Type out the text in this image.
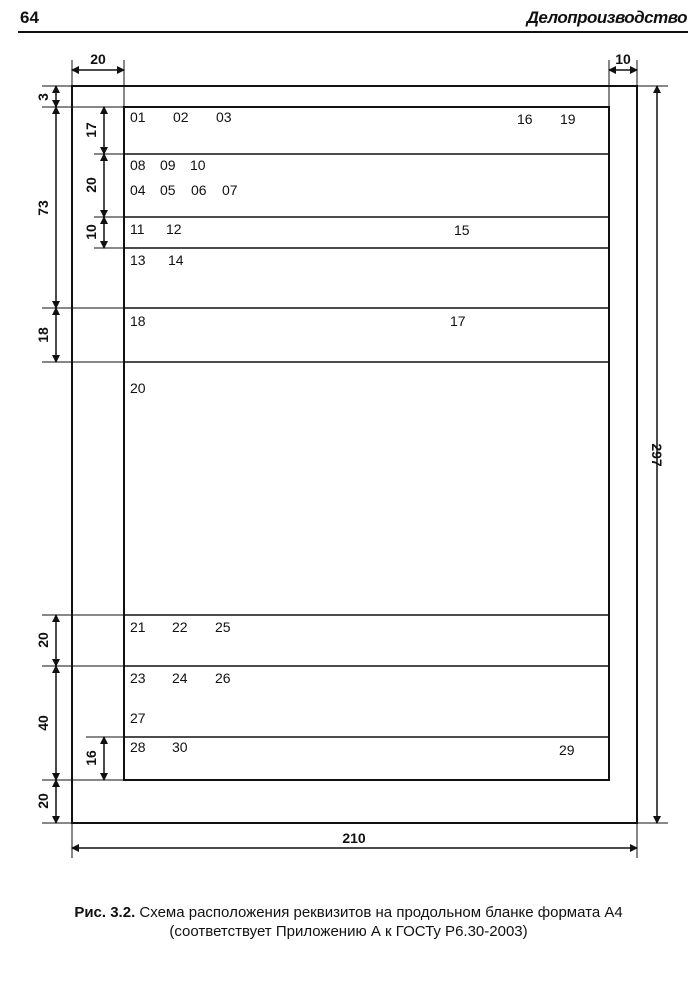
64	Делопроизводство
20	10
210
297
3
73
18
17
20
10
20
40
16
20
01 02 03	16 19
08 09 10
04 05 06 07
11 12	15
13 14
18	17
20
21 22 25
23 24 26
27
28 30	29
Рис. 3.2. Схема расположения реквизитов на продольном бланке формата А4
(соответствует Приложению А к ГОСТу Р6.30-2003)
